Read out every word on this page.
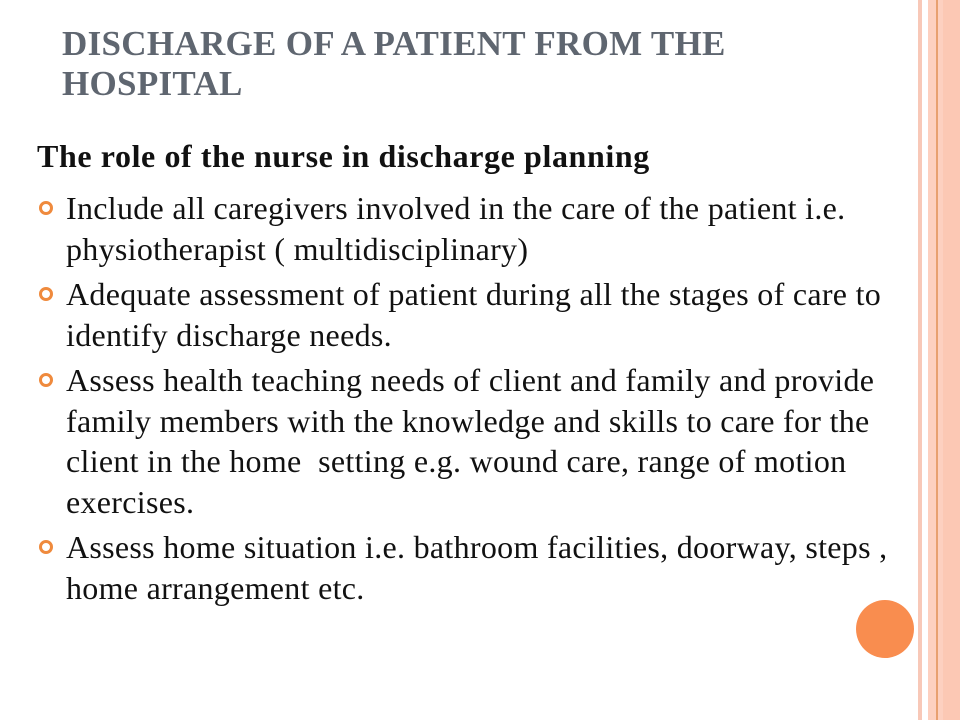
DISCHARGE OF A PATIENT FROM THE HOSPITAL
The role of the nurse in discharge planning
Include all caregivers involved in the care of the patient i.e. physiotherapist ( multidisciplinary)
Adequate assessment of patient during all the stages of care to identify discharge needs.
Assess health teaching needs of client and family and provide family members with the knowledge and skills to care for the client in the home  setting e.g. wound care, range of motion exercises.
Assess home situation i.e. bathroom facilities, doorway, steps , home arrangement etc.
